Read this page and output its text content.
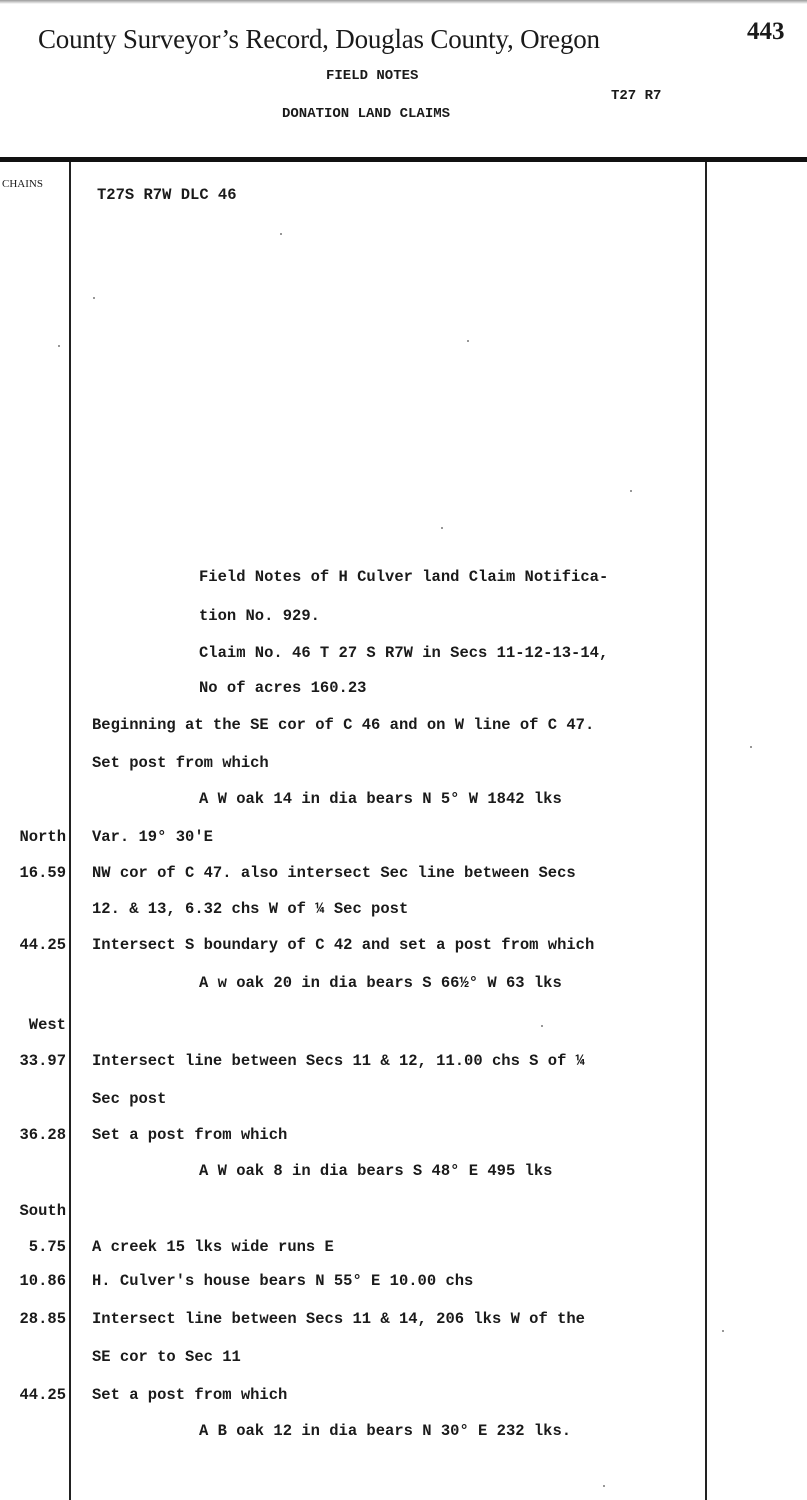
County Surveyor’s Record, Douglas County, Oregon	443
FIELD NOTES
DONATION LAND CLAIMS
T27 R7
CHAINS
T27S R7W DLC 46
Field Notes of H Culver land Claim Notifica-
tion No. 929.
Claim No. 46 T 27 S R7W in Secs 11-12-13-14,
No of acres 160.23
Beginning at the SE cor of C 46 and on W line of C 47.
Set post from which
A W oak 14 in dia bears N 5° W 1842 lks
North Var. 19° 30'E
16.59 NW cor of C 47. also intersect Sec line between Secs
12. & 13, 6.32 chs W of ¼ Sec post
44.25 Intersect S boundary of C 42 and set a post from which
A w oak 20 in dia bears S 66½° W 63 lks
West
33.97 Intersect line between Secs 11 & 12, 11.00 chs S of ¼
Sec post
36.28 Set a post from which
A W oak 8 in dia bears S 48° E 495 lks
South
5.75 A creek 15 lks wide runs E
10.86 H. Culver's house bears N 55° E 10.00 chs
28.85 Intersect line between Secs 11 & 14, 206 lks W of the
SE cor to Sec 11
44.25 Set a post from which
A B oak 12 in dia bears N 30° E 232 lks.
